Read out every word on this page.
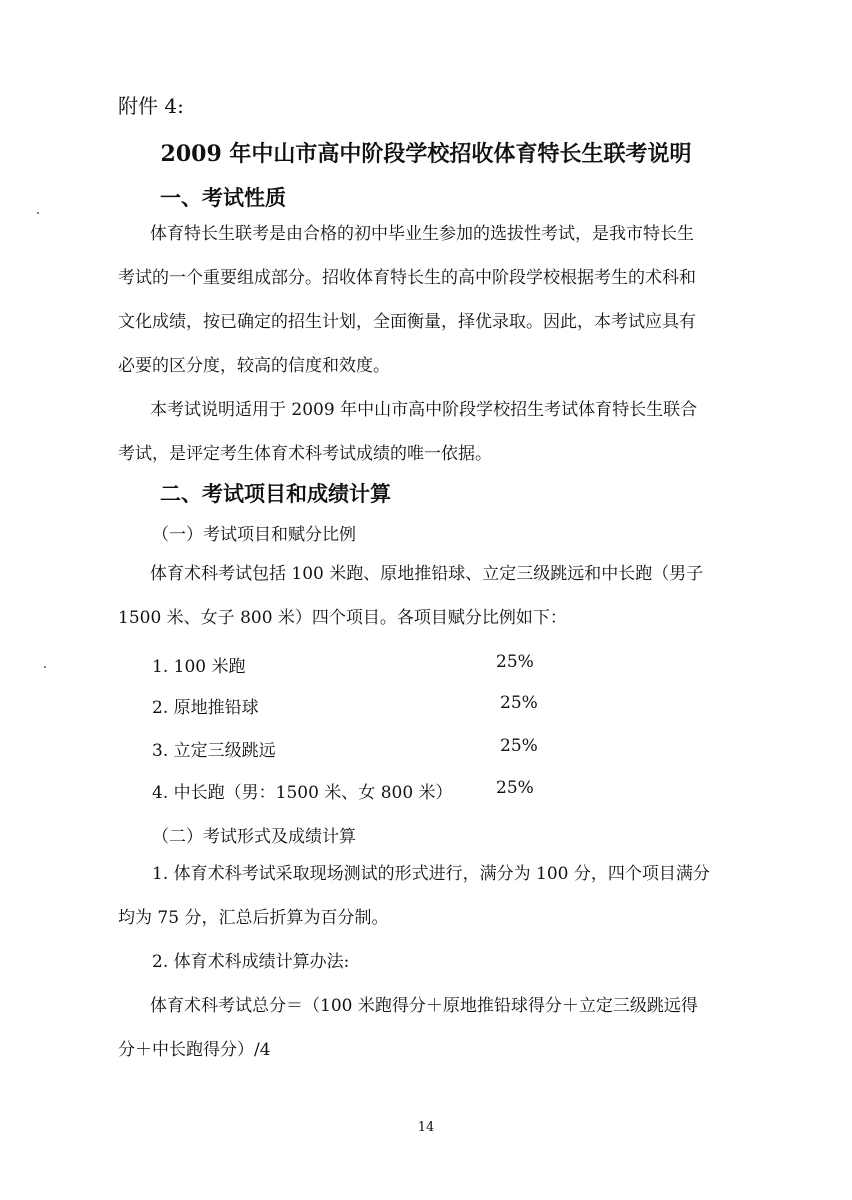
附件 4:
2009 年中山市高中阶段学校招收体育特长生联考说明
一、考试性质
体育特长生联考是由合格的初中毕业生参加的选拔性考试，是我市特长生
考试的一个重要组成部分。招收体育特长生的高中阶段学校根据考生的术科和
文化成绩，按已确定的招生计划，全面衡量，择优录取。因此，本考试应具有
必要的区分度，较高的信度和效度。
本考试说明适用于 2009 年中山市高中阶段学校招生考试体育特长生联合
考试，是评定考生体育术科考试成绩的唯一依据。
二、考试项目和成绩计算
（一）考试项目和赋分比例
体育术科考试包括 100 米跑、原地推铅球、立定三级跳远和中长跑（男子
1500 米、女子 800 米）四个项目。各项目赋分比例如下：
1. 100 米跑	25%
2. 原地推铅球	25%
3. 立定三级跳远	25%
4. 中长跑（男：1500 米、女 800 米）	25%
（二）考试形式及成绩计算
1. 体育术科考试采取现场测试的形式进行，满分为 100 分，四个项目满分
均为 75 分，汇总后折算为百分制。
2. 体育术科成绩计算办法:
体育术科考试总分＝（100 米跑得分＋原地推铅球得分＋立定三级跳远得
分＋中长跑得分）/4
14
